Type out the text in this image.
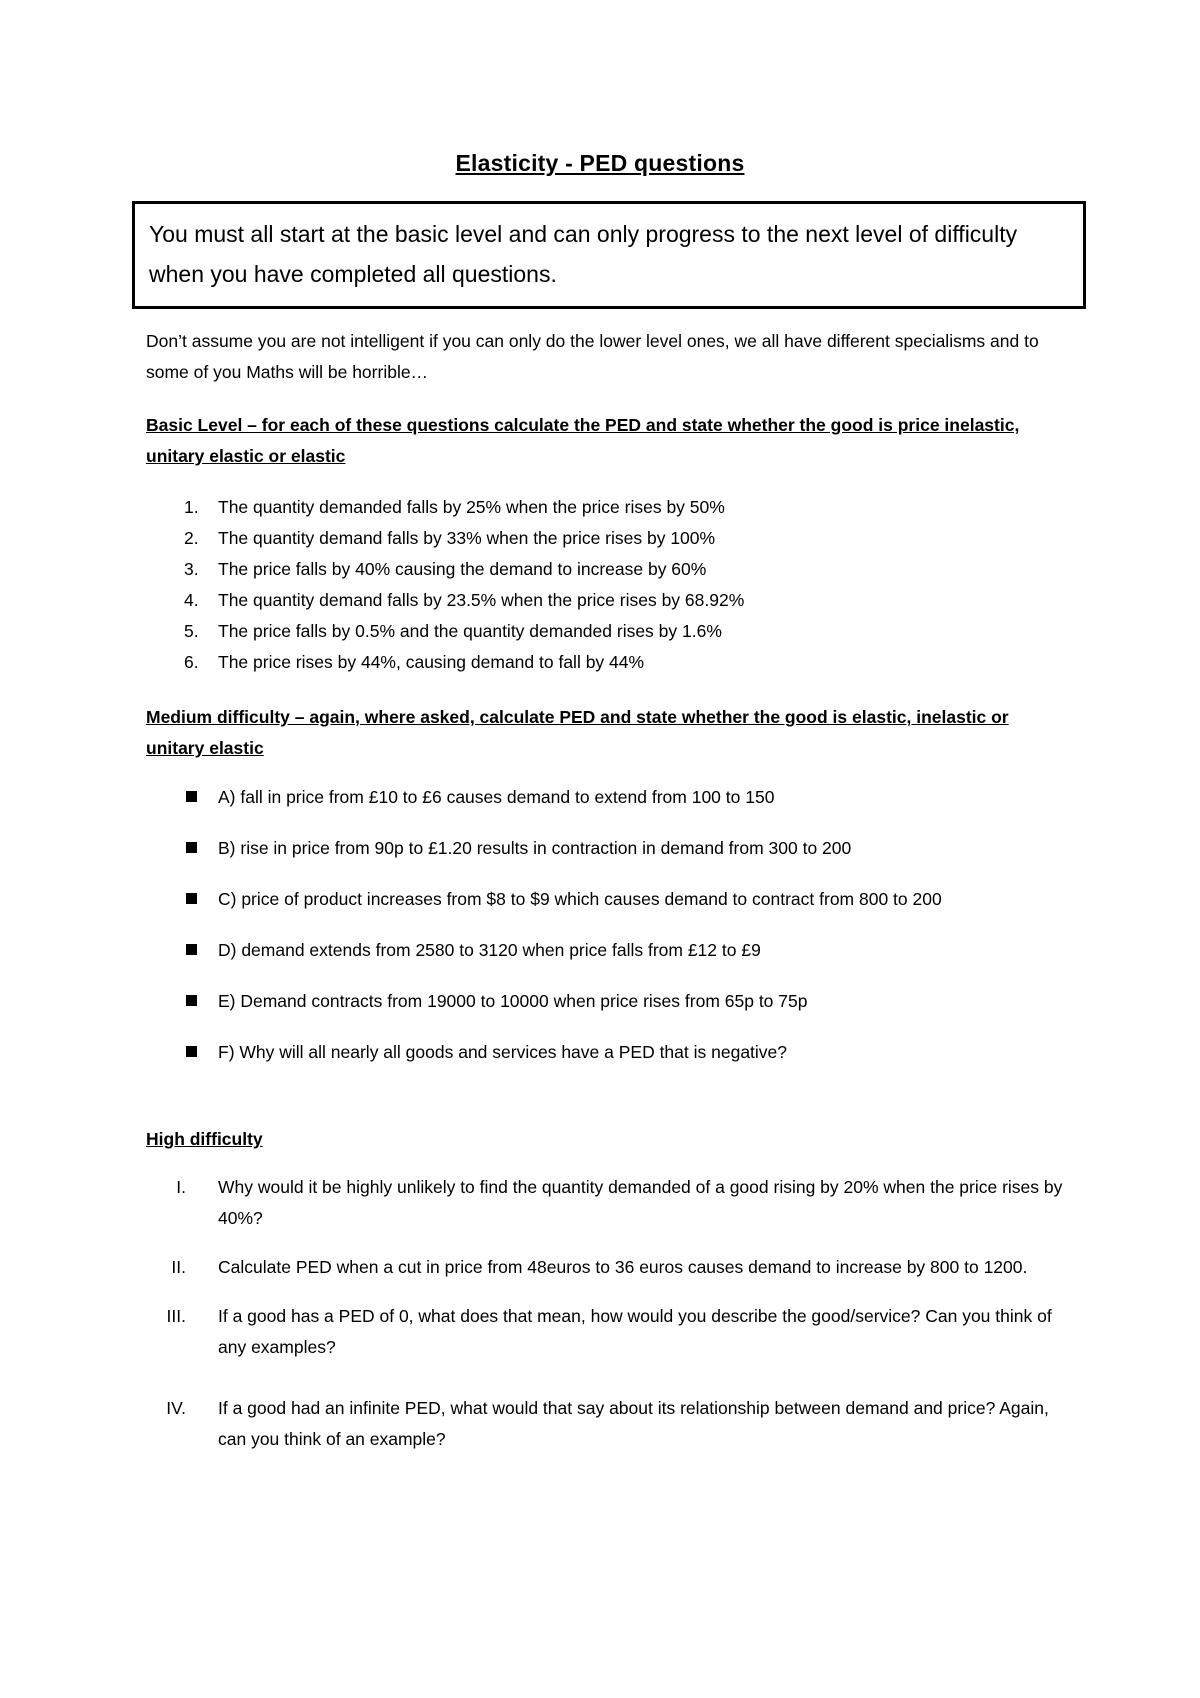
Elasticity - PED questions
You must all start at the basic level and can only progress to the next level of difficulty when you have completed all questions.
Don’t assume you are not intelligent if you can only do the lower level ones, we all have different specialisms and to some of you Maths will be horrible…
Basic Level – for each of these questions calculate the PED and state whether the good is price inelastic, unitary elastic or elastic
1.	The quantity demanded falls by 25% when the price rises by 50%
2.	The quantity demand falls by 33% when the price rises by 100%
3.	The price falls by 40% causing the demand to increase by 60%
4.	The quantity demand falls by 23.5% when the price rises by 68.92%
5.	The price falls by 0.5% and the quantity demanded rises by 1.6%
6.	The price rises by 44%, causing demand to fall by 44%
Medium difficulty – again, where asked, calculate PED and state whether the good is elastic, inelastic or unitary elastic
A) fall in price from £10 to £6 causes demand to extend from 100 to 150
B) rise in price from 90p to £1.20 results in contraction in demand from 300 to 200
C) price of product increases from $8 to $9 which causes demand to contract from 800 to 200
D) demand extends from 2580 to 3120 when price falls from £12 to £9
E) Demand contracts from 19000 to 10000 when price rises from 65p to 75p
F) Why will all nearly all goods and services have a PED that is negative?
High difficulty
I. Why would it be highly unlikely to find the quantity demanded of a good rising by 20% when the price rises by 40%?
II. Calculate PED when a cut in price from 48euros to 36 euros causes demand to increase by 800 to 1200.
III. If a good has a PED of 0, what does that mean, how would you describe the good/service? Can you think of any examples?
IV. If a good had an infinite PED, what would that say about its relationship between demand and price? Again, can you think of an example?
